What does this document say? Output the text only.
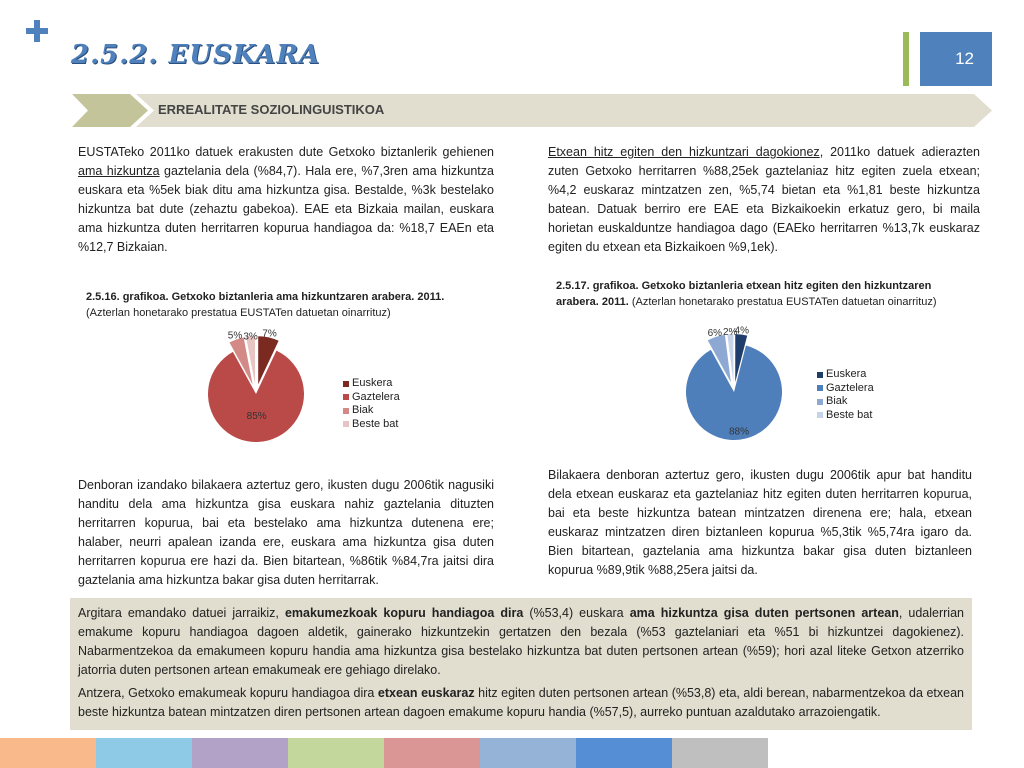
2.5.2. EUSKARA	12
ERREALITATE SOZIOLINGUISTIKOA
EUSTATeko 2011ko datuek erakusten dute Getxoko biztanlerik gehienen ama hizkuntza gaztelania dela (%84,7). Hala ere, %7,3ren ama hizkuntza euskara eta %5ek biak ditu ama hizkuntza gisa. Bestalde, %3k bestelako hizkuntza bat dute (zehaztu gabekoa). EAE eta Bizkaia mailan, euskara ama hizkuntza duten herritarren kopurua handiagoa da: %18,7 EAEn eta %12,7 Bizkaian.
Etxean hitz egiten den hizkuntzari dagokionez, 2011ko datuek adierazten zuten Getxoko herritarren %88,25ek gaztelaniaz hitz egiten zuela etxean; %4,2 euskaraz mintzatzen zen, %5,74 bietan eta %1,81 beste hizkuntza batean. Datuak berriro ere EAE eta Bizkaikoekin erkatuz gero, bi maila horietan euskalduntze handiagoa dago (EAEko herritarren %13,7k euskaraz egiten du etxean eta Bizkaikoen %9,1ek).
2.5.16. grafikoa. Getxoko biztanleria ama hizkuntzaren arabera. 2011.
(Azterlan honetarako prestatua EUSTATen datuetan oinarrituz)
2.5.17. grafikoa. Getxoko biztanleria etxean hitz egiten den hizkuntzaren arabera. 2011. (Azterlan honetarako prestatua EUSTATen datuetan oinarrituz)
7%
85%
5% 3%
Euskera
Gaztelera
Biak
Beste bat
4%
88%
6% 2%
Euskera
Gaztelera
Biak
Beste bat
Denboran izandako bilakaera aztertuz gero, ikusten dugu 2006tik nagusiki handitu dela ama hizkuntza gisa euskara nahiz gaztelania dituzten herritarren kopurua, bai eta bestelako ama hizkuntza dutenena ere; halaber, neurri apalean izanda ere, euskara ama hizkuntza gisa duten herritarren kopurua ere hazi da. Bien bitartean, %86tik %84,7ra jaitsi dira gaztelania ama hizkuntza bakar gisa duten herritarrak.
Bilakaera denboran aztertuz gero, ikusten dugu 2006tik apur bat handitu dela etxean euskaraz eta gaztelaniaz hitz egiten duten herritarren kopurua, bai eta beste hizkuntza batean mintzatzen direnena ere; hala, etxean euskaraz mintzatzen diren biztanleen kopurua %5,3tik %5,74ra igaro da. Bien bitartean, gaztelania ama hizkuntza bakar gisa duten biztanleen kopurua %89,9tik %88,25era jaitsi da.

Argitara emandako datuei jarraikiz, emakumezkoak kopuru handiagoa dira (%53,4) euskara ama hizkuntza gisa duten pertsonen artean, udalerrian emakume kopuru handiagoa dagoen aldetik, gainerako hizkuntzekin gertatzen den bezala (%53 gaztelaniari eta %51 bi hizkuntzei dagokienez). Nabarmentzekoa da emakumeen kopuru handia ama hizkuntza gisa bestelako hizkuntza bat duten pertsonen artean (%59); hori azal liteke Getxon atzerriko jatorria duten pertsonen artean emakumeak ere gehiago direlako.

Antzera, Getxoko emakumeak kopuru handiagoa dira etxean euskaraz hitz egiten duten pertsonen artean (%53,8) eta, aldi berean, nabarmentzekoa da etxean beste hizkuntza batean mintzatzen diren pertsonen artean dagoen emakume kopuru handia (%57,5), aurreko puntuan azaldutako arrazoiengatik.
